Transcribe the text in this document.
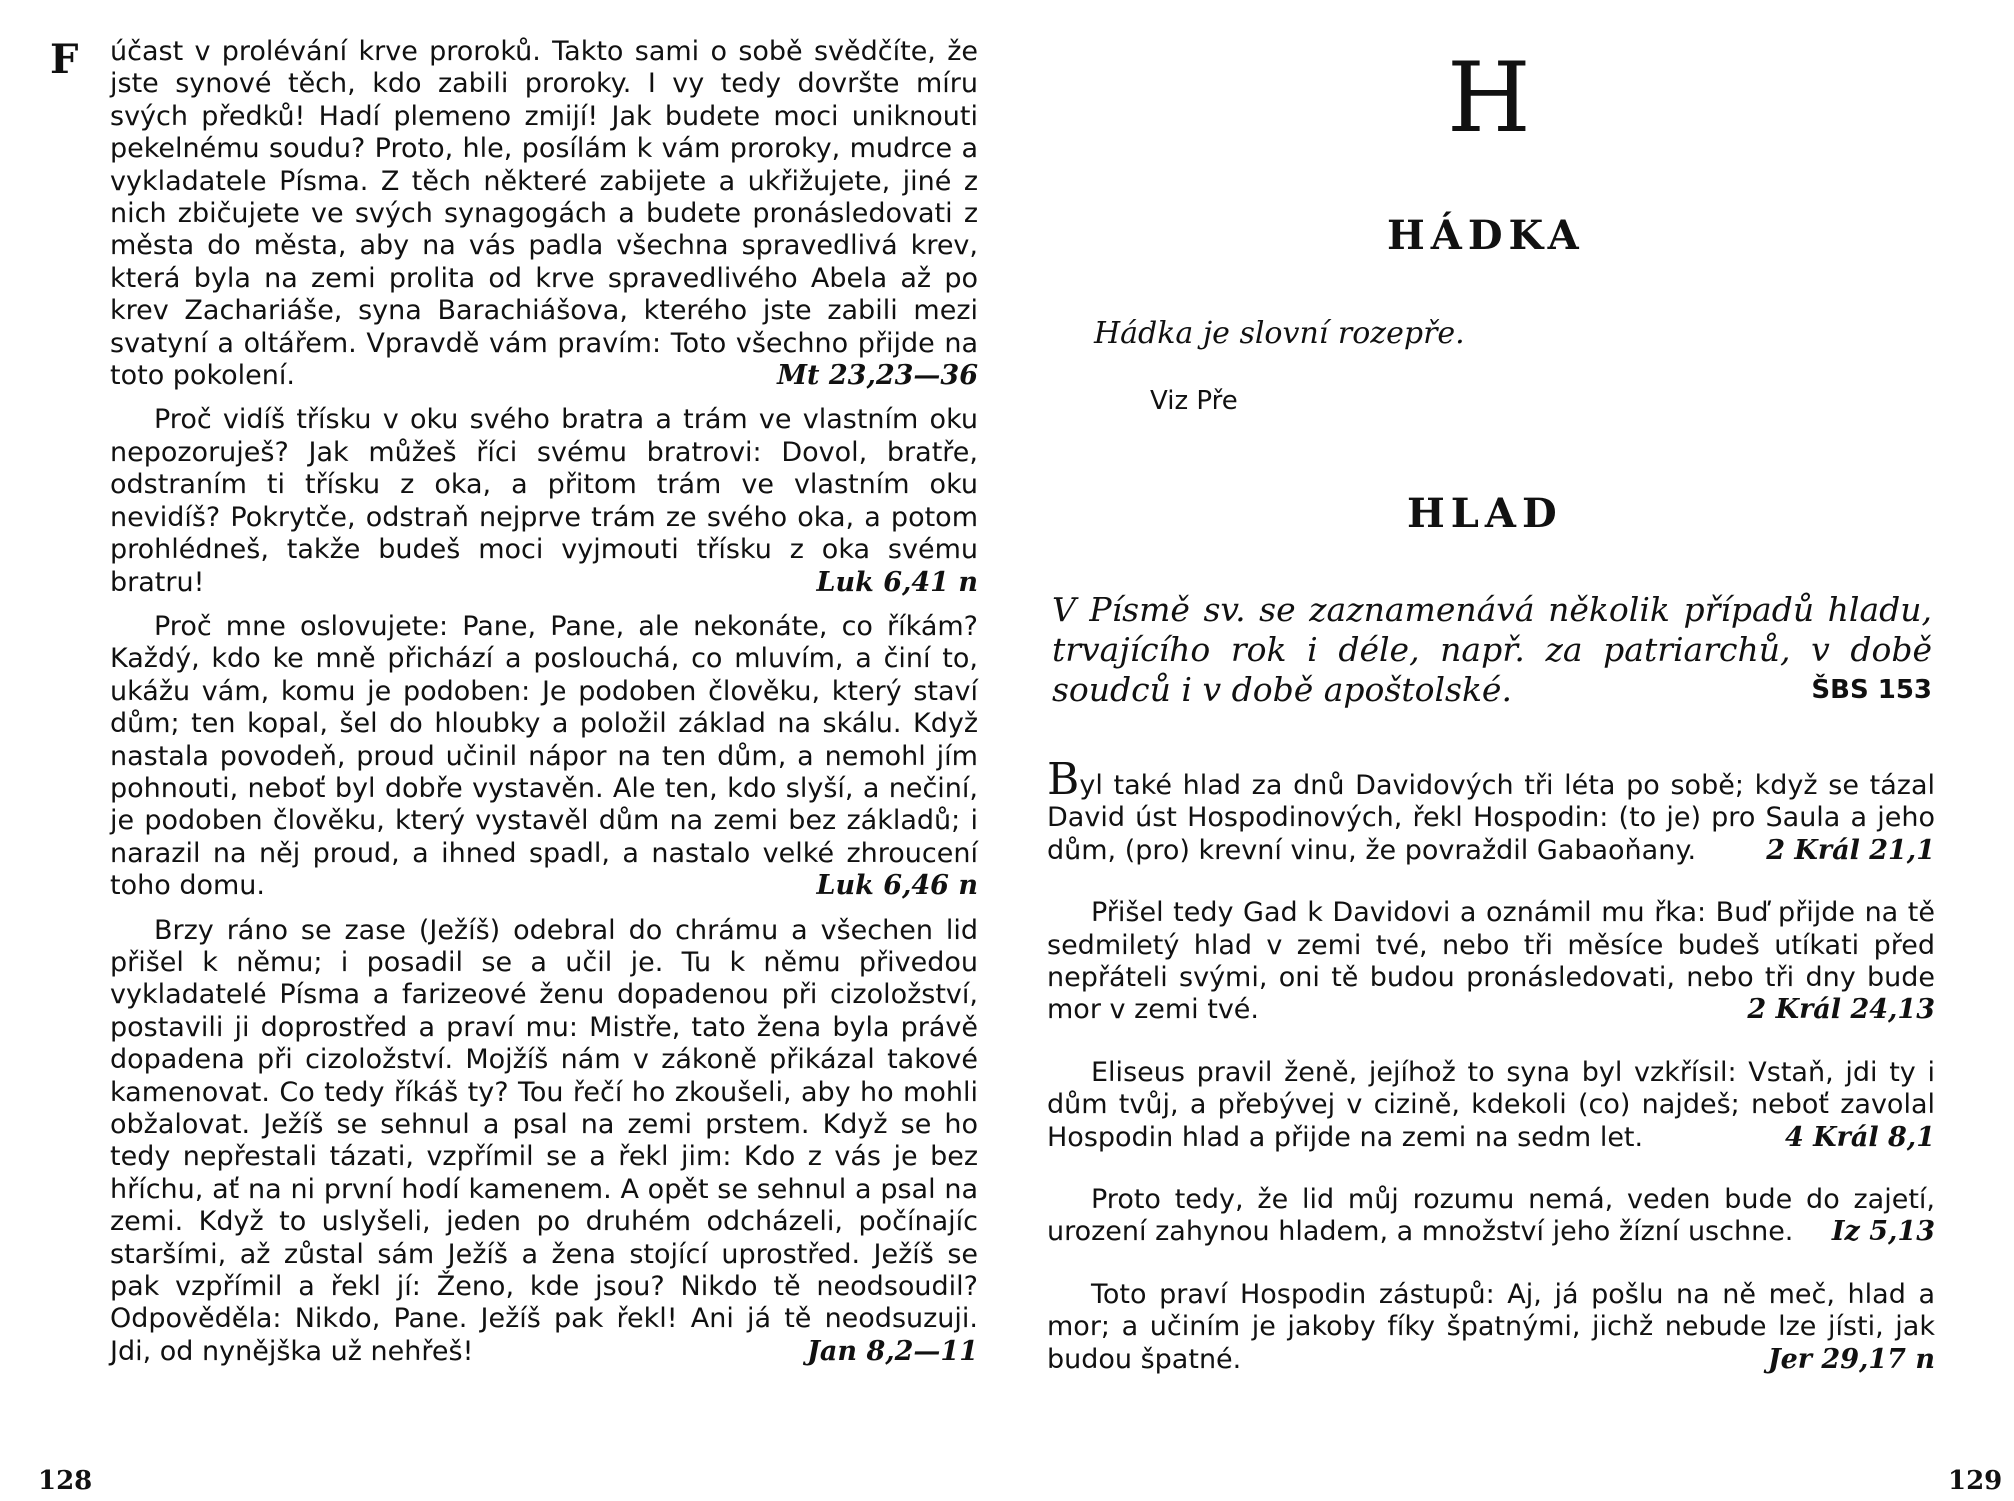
F účast v prolévání krve proroků. Takto sami o sobě svědčíte, že jste synové těch, kdo zabili proroky. I vy tedy dovršte míru svých předků! Hadí plemeno zmijí! Jak budete moci uniknouti pekelnému soudu? Proto, hle, posílám k vám proroky, mudrce a vykladatele Písma. Z těch některé zabijete a ukřižujete, jiné z nich zbičujete ve svých synagogách a budete pronásledovati z města do města, aby na vás padla všechna spravedlivá krev, která byla na zemi prolita od krve spravedlivého Abela až po krev Zachariáše, syna Barachiášova, kterého jste zabili mezi svatyní a oltářem. Vpravdě vám pravím: Toto všechno přijde na toto pokolení.	Mt 23,23—36

Proč vidíš třísku v oku svého bratra a trám ve vlastním oku nepozoruješ? Jak můžeš říci svému bratrovi: Dovol, bratře, odstraním ti třísku z oka, a přitom trám ve vlastním oku nevidíš? Pokrytče, odstraň nejprve trám ze svého oka, a potom prohlédneš, takže budeš moci vyjmouti třísku z oka svému bratru!	Luk 6,41 n

Proč mne oslovujete: Pane, Pane, ale nekonáte, co říkám? Každý, kdo ke mně přichází a poslouchá, co mluvím, a činí to, ukážu vám, komu je podoben: Je podoben člověku, který staví dům; ten kopal, šel do hloubky a položil základ na skálu. Když nastala povodeň, proud učinil nápor na ten dům, a nemohl jím pohnouti, neboť byl dobře vystavěn. Ale ten, kdo slyší, a nečiní, je podoben člověku, který vystavěl dům na zemi bez základů; i narazil na něj proud, a ihned spadl, a nastalo velké zhroucení toho domu.	Luk 6,46 n

Brzy ráno se zase (Ježíš) odebral do chrámu a všechen lid přišel k němu; i posadil se a učil je. Tu k němu přivedou vykladatelé Písma a farizeové ženu dopadenou při cizoložství, postavili ji doprostřed a praví mu: Mistře, tato žena byla právě dopadena při cizoložství. Mojžíš nám v zákoně přikázal takové kamenovat. Co tedy říkáš ty? Tou řečí ho zkoušeli, aby ho mohli obžalovat. Ježíš se sehnul a psal na zemi prstem. Když se ho tedy nepřestali tázati, vzpřímil se a řekl jim: Kdo z vás je bez hříchu, ať na ni první hodí kamenem. A opět se sehnul a psal na zemi. Když to uslyšeli, jeden po druhém odcházeli, počínajíc staršími, až zůstal sám Ježíš a žena stojící uprostřed. Ježíš se pak vzpřímil a řekl jí: Ženo, kde jsou? Nikdo tě neodsoudil? Odpověděla: Nikdo, Pane. Ježíš pak řekl! Ani já tě neodsuzuji. Jdi, od nynějška už nehřeš!	Jan 8,2—11

128
H
HÁDKA
Hádka je slovní rozepře.
Viz Pře
HLAD
V Písmě sv. se zaznamenává několik případů hladu, trvajícího rok i déle, např. za patriarchů, v době soudců i v době apoštolské.	ŠBS 153

Byl také hlad za dnů Davidových tři léta po sobě; když se tázal David úst Hospodinových, řekl Hospodin: (to je) pro Saula a jeho dům, (pro) krevní vinu, že povraždil Gabaoňany.	2 Král 21,1

Přišel tedy Gad k Davidovi a oznámil mu řka: Buď přijde na tě sedmiletý hlad v zemi tvé, nebo tři měsíce budeš utíkati před nepřáteli svými, oni tě budou pronásledovati, nebo tři dny bude mor v zemi tvé.	2 Král 24,13

Eliseus pravil ženě, jejíhož to syna byl vzkřísil: Vstaň, jdi ty i dům tvůj, a přebývej v cizině, kdekoli (co) najdeš; neboť zavolal Hospodin hlad a přijde na zemi na sedm let.	4 Král 8,1

Proto tedy, že lid můj rozumu nemá, veden bude do zajetí, urození zahynou hladem, a množství jeho žízní uschne. Iz 5,13

Toto praví Hospodin zástupů: Aj, já pošlu na ně meč, hlad a mor; a učiním je jakoby fíky špatnými, jichž nebude lze jísti, jak budou špatné.	Jer 29,17 n

129
